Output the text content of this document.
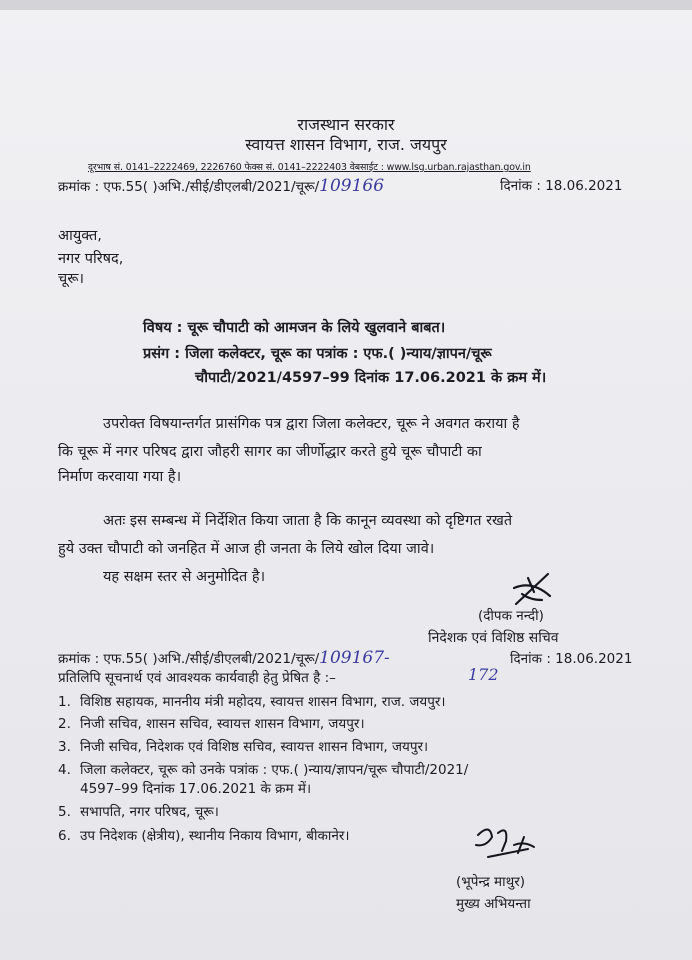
राजस्थान सरकार
स्वायत्त शासन विभाग, राज. जयपुर
दूरभाष सं. 0141–2222469, 2226760 फेक्स सं. 0141–2222403 वेबसाईट : www.lsg.urban.rajasthan.gov.in
क्रमांक : एफ.55( )अभि./सीई/डीएलबी/2021/चूरू/109166	दिनांक : 18.06.2021
आयुक्त,
नगर परिषद,
चूरू।
विषय : चूरू चौपाटी को आमजन के लिये खुलवाने बाबत।
प्रसंग : जिला कलेक्टर, चूरू का पत्रांक : एफ.( )न्याय/ज्ञापन/चूरू
चौपाटी/2021/4597–99 दिनांक 17.06.2021 के क्रम में।
उपरोक्त विषयान्तर्गत प्रासंगिक पत्र द्वारा जिला कलेक्टर, चूरू ने अवगत कराया है
कि चूरू में नगर परिषद द्वारा जौहरी सागर का जीर्णोद्धार करते हुये चूरू चौपाटी का
निर्माण करवाया गया है।
अतः इस सम्बन्ध में निर्देशित किया जाता है कि कानून व्यवस्था को दृष्टिगत रखते
हुये उक्त चौपाटी को जनहित में आज ही जनता के लिये खोल दिया जावे।
यह सक्षम स्तर से अनुमोदित है।
(दीपक नन्दी)
निदेशक एवं विशिष्ठ सचिव
क्रमांक : एफ.55( )अभि./सीई/डीएलबी/2021/चूरू/109167-	दिनांक : 18.06.2021
प्रतिलिपि सूचनार्थ एवं आवश्यक कार्यवाही हेतु प्रेषित है :–	172
1. विशिष्ठ सहायक, माननीय मंत्री महोदय, स्वायत्त शासन विभाग, राज. जयपुर।
2. निजी सचिव, शासन सचिव, स्वायत्त शासन विभाग, जयपुर।
3. निजी सचिव, निदेशक एवं विशिष्ठ सचिव, स्वायत्त शासन विभाग, जयपुर।
4. जिला कलेक्टर, चूरू को उनके पत्रांक : एफ.( )न्याय/ज्ञापन/चूरू चौपाटी/2021/
4597–99 दिनांक 17.06.2021 के क्रम में।
5. सभापति, नगर परिषद, चूरू।
6. उप निदेशक (क्षेत्रीय), स्थानीय निकाय विभाग, बीकानेर।
(भूपेन्द्र माथुर)
मुख्य अभियन्ता
